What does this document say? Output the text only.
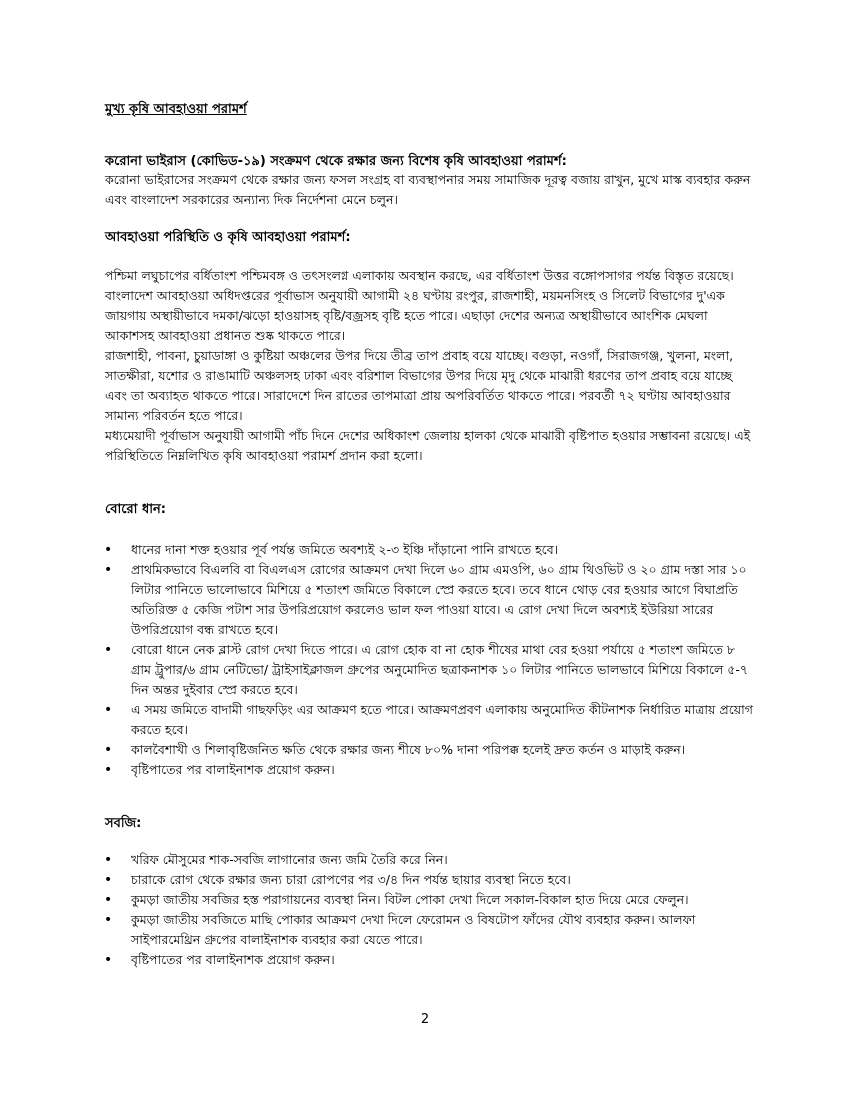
মুখ্য কৃষি আবহাওয়া পরামর্শ
করোনা ভাইরাস (কোভিড-১৯) সংক্রমণ থেকে রক্ষার জন্য বিশেষ কৃষি আবহাওয়া পরামর্শ:

করোনা ভাইরাসের সংক্রমণ থেকে রক্ষার জন্য ফসল সংগ্রহ বা ব্যবস্থাপনার সময় সামাজিক দূরত্ব বজায় রাখুন, মুখে মাস্ক ব্যবহার করুন এবং বাংলাদেশ সরকারের অন্যান্য দিক নির্দেশনা মেনে চলুন।

আবহাওয়া পরিস্থিতি ও কৃষি আবহাওয়া পরামর্শ:

পশ্চিমা লঘুচাপের বর্ধিতাংশ পশ্চিমবঙ্গ ও তৎসংলগ্ন এলাকায় অবস্থান করছে, এর বর্ধিতাংশ উত্তর বঙ্গোপসাগর পর্যন্ত বিস্তৃত রয়েছে।

বাংলাদেশ আবহাওয়া অধিদপ্তরের পূর্বাভাস অনুযায়ী আগামী ২৪ ঘণ্টায় রংপুর, রাজশাহী, ময়মনসিংহ ও সিলেট বিভাগের দু'এক জায়গায় অস্থায়ীভাবে দমকা/ঝড়ো হাওয়াসহ বৃষ্টি/বজ্রসহ বৃষ্টি হতে পারে। এছাড়া দেশের অন্যত্র অস্থায়ীভাবে আংশিক মেঘলা আকাশসহ আবহাওয়া প্রধানত শুষ্ক থাকতে পারে।

রাজশাহী, পাবনা, চুয়াডাঙ্গা ও কুষ্টিয়া অঞ্চলের উপর দিয়ে তীব্র তাপ প্রবাহ বয়ে যাচ্ছে। বগুড়া, নওগাঁ, সিরাজগঞ্জ, খুলনা, মংলা, সাতক্ষীরা, যশোর ও রাঙামাটি অঞ্চলসহ ঢাকা এবং বরিশাল বিভাগের উপর দিয়ে মৃদু থেকে মাঝারী ধরণের তাপ প্রবাহ বয়ে যাচ্ছে এবং তা অব্যাহত থাকতে পারে। সারাদেশে দিন রাতের তাপমাত্রা প্রায় অপরিবর্তিত থাকতে পারে। পরবর্তী ৭২ ঘণ্টায় আবহাওয়ার সামান্য পরিবর্তন হতে পারে।

মধ্যমেয়াদী পূর্বাভাস অনুযায়ী আগামী পাঁচ দিনে দেশের অধিকাংশ জেলায় হালকা থেকে মাঝারী বৃষ্টিপাত হওয়ার সম্ভাবনা রয়েছে। এই পরিস্থিতিতে নিম্নলিখিত কৃষি আবহাওয়া পরামর্শ প্রদান করা হলো।

বোরো ধান:
• ধানের দানা শক্ত হওয়ার পূর্ব পর্যন্ত জমিতে অবশ্যই ২-৩ ইঞ্চি দাঁড়ানো পানি রাখতে হবে।
• প্রাথমিকভাবে বিএলবি বা বিএলএস রোগের আক্রমণ দেখা দিলে ৬০ গ্রাম এমওপি, ৬০ গ্রাম থিওভিট ও ২০ গ্রাম দস্তা সার ১০ লিটার পানিতে ভালোভাবে মিশিয়ে ৫ শতাংশ জমিতে বিকালে স্প্রে করতে হবে। তবে ধানে থোড় বের হওয়ার আগে বিঘাপ্রতি অতিরিক্ত ৫ কেজি পটাশ সার উপরিপ্রয়োগ করলেও ভাল ফল পাওয়া যাবে। এ রোগ দেখা দিলে অবশ্যই ইউরিয়া সারের উপরিপ্রয়োগ বন্ধ রাখতে হবে।
• বোরো ধানে নেক ব্লাস্ট রোগ দেখা দিতে পারে। এ রোগ হোক বা না হোক শীষের মাথা বের হওয়া পর্যায়ে ৫ শতাংশ জমিতে ৮ গ্রাম ট্রুপার/৬ গ্রাম নেটিভো/ ট্রাইসাইক্লাজল গ্রুপের অনুমোদিত ছত্রাকনাশক ১০ লিটার পানিতে ভালভাবে মিশিয়ে বিকালে ৫-৭ দিন অন্তর দুইবার স্প্রে করতে হবে।
• এ সময় জমিতে বাদামী গাছফড়িং এর আক্রমণ হতে পারে। আক্রমণপ্রবণ এলাকায় অনুমোদিত কীটনাশক নির্ধারিত মাত্রায় প্রয়োগ করতে হবে।
• কালবৈশাখী ও শিলাবৃষ্টিজনিত ক্ষতি থেকে রক্ষার জন্য শীষে ৮০% দানা পরিপক্ক হলেই দ্রুত কর্তন ও মাড়াই করুন।
• বৃষ্টিপাতের পর বালাইনাশক প্রয়োগ করুন।
সবজি:
• খরিফ মৌসুমের শাক-সবজি লাগানোর জন্য জমি তৈরি করে নিন।
• চারাকে রোগ থেকে রক্ষার জন্য চারা রোপণের পর ৩/৪ দিন পর্যন্ত ছায়ার ব্যবস্থা নিতে হবে।
• কুমড়া জাতীয় সবজির হস্ত পরাগায়নের ব্যবস্থা নিন। বিটল পোকা দেখা দিলে সকাল-বিকাল হাত দিয়ে মেরে ফেলুন।
• কুমড়া জাতীয় সবজিতে মাছি পোকার আক্রমণ দেখা দিলে ফেরোমন ও বিষটোপ ফাঁদের যৌথ ব্যবহার করুন। আলফা সাইপারমেথ্রিন গ্রুপের বালাইনাশক ব্যবহার করা যেতে পারে।
• বৃষ্টিপাতের পর বালাইনাশক প্রয়োগ করুন।

2
